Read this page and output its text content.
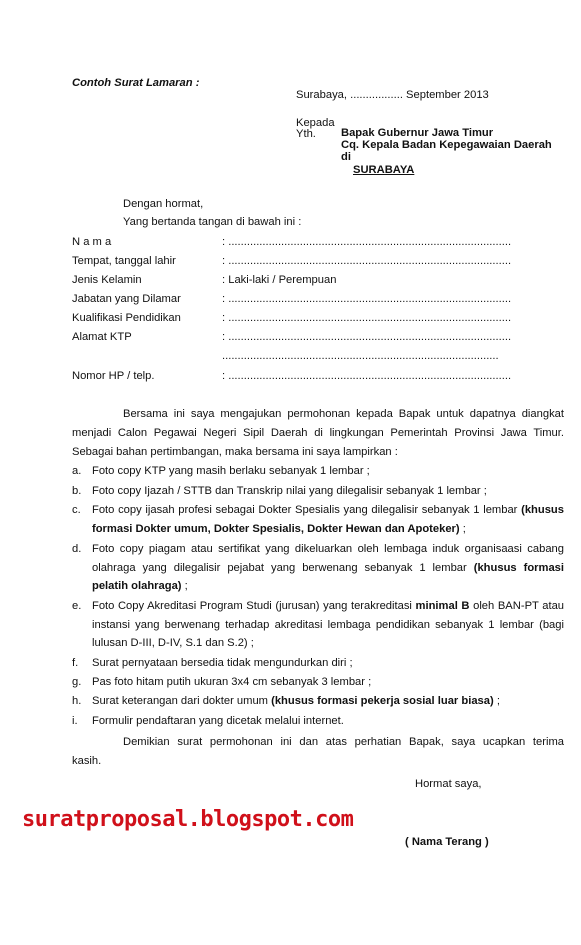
Contoh Surat Lamaran :
Surabaya, ................. September 2013
Kepada
Yth. Bapak Gubernur Jawa Timur
Cq. Kepala Badan Kepegawaian Daerah
di
SURABAYA
Dengan hormat,
Yang bertanda tangan di bawah ini :
N a m a	: ...........................................................................................
Tempat, tanggal lahir	: ...........................................................................................
Jenis Kelamin	: Laki-laki / Perempuan
Jabatan yang Dilamar	: ...........................................................................................
Kualifikasi Pendidikan	: ...........................................................................................
Alamat KTP	: ...........................................................................................
.........................................................................................
Nomor HP / telp.	: ...........................................................................................
Bersama ini saya mengajukan permohonan kepada Bapak untuk dapatnya diangkat
menjadi Calon Pegawai Negeri Sipil Daerah di lingkungan Pemerintah Provinsi Jawa Timur. Sebagai bahan pertimbangan, maka bersama ini saya lampirkan :
a. Foto copy KTP yang masih berlaku sebanyak 1 lembar ;
b. Foto copy Ijazah / STTB dan Transkrip nilai yang dilegalisir sebanyak 1 lembar ;
c. Foto copy ijasah profesi sebagai Dokter Spesialis yang dilegalisir sebanyak 1 lembar (khusus formasi Dokter umum, Dokter Spesialis, Dokter Hewan dan Apoteker) ;
d. Foto copy piagam atau sertifikat yang dikeluarkan oleh lembaga induk organisaasi cabang olahraga yang dilegalisir pejabat yang berwenang sebanyak 1 lembar (khusus formasi pelatih olahraga) ;
e. Foto Copy Akreditasi Program Studi (jurusan) yang terakreditasi minimal B oleh BAN-PT atau instansi yang berwenang terhadap akreditasi lembaga pendidikan sebanyak 1 lembar (bagi lulusan D-III, D-IV, S.1 dan S.2) ;
f. Surat pernyataan bersedia tidak mengundurkan diri ;
g. Pas foto hitam putih ukuran 3x4 cm sebanyak 3 lembar ;
h. Surat keterangan dari dokter umum (khusus formasi pekerja sosial luar biasa) ;
i. Formulir pendaftaran yang dicetak melalui internet.
Demikian surat permohonan ini dan atas perhatian Bapak, saya ucapkan terima
kasih.
Hormat saya,
suratproposal.blogspot.com
( Nama Terang )
